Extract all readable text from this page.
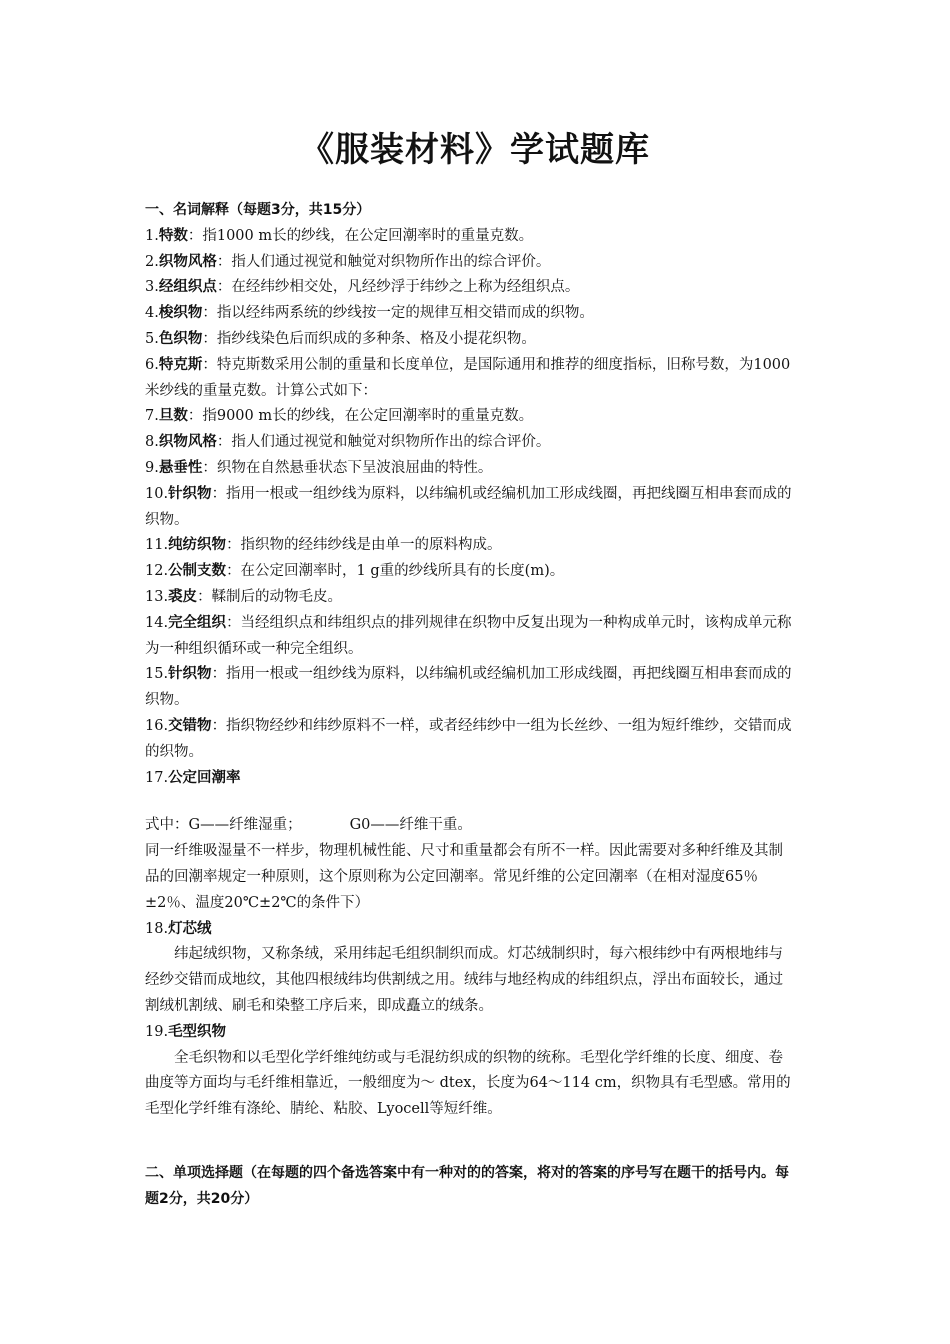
《服装材料》学试题库

一、名词解释（每题3分，共15分）

1.特数：指1000 m长的纱线，在公定回潮率时的重量克数。

2.织物风格：指人们通过视觉和触觉对织物所作出的综合评价。

3.经组织点：在经纬纱相交处，凡经纱浮于纬纱之上称为经组织点。

4.梭织物：指以经纬两系统的纱线按一定的规律互相交错而成的织物。

5.色织物：指纱线染色后而织成的多种条、格及小提花织物。

6.特克斯：特克斯数采用公制的重量和长度单位，是国际通用和推荐的细度指标，旧称号数，为1000米纱线的重量克数。计算公式如下：

7.旦数：指9000 m长的纱线，在公定回潮率时的重量克数。

8.织物风格：指人们通过视觉和触觉对织物所作出的综合评价。

9.悬垂性：织物在自然悬垂状态下呈波浪屈曲的特性。

10.针织物：指用一根或一组纱线为原料，以纬编机或经编机加工形成线圈，再把线圈互相串套而成的织物。

11.纯纺织物：指织物的经纬纱线是由单一的原料构成。

12.公制支数：在公定回潮率时，1 g重的纱线所具有的长度(m)。

13.裘皮：鞣制后的动物毛皮。

14.完全组织：当经组织点和纬组织点的排列规律在织物中反复出现为一种构成单元时，该构成单元称为一种组织循环或一种完全组织。

15.针织物：指用一根或一组纱线为原料，以纬编机或经编机加工形成线圈，再把线圈互相串套而成的织物。

16.交错物：指织物经纱和纬纱原料不一样，或者经纬纱中一组为长丝纱、一组为短纤维纱，交错而成的织物。

17.公定回潮率

式中：G——纤维湿重；	G0——纤维干重。

同一纤维吸湿量不一样步，物理机械性能、尺寸和重量都会有所不一样。因此需要对多种纤维及其制品的回潮率规定一种原则，这个原则称为公定回潮率。常见纤维的公定回潮率（在相对湿度65％±2％、温度20℃±2℃的条件下）

18.灯芯绒

纬起绒织物，又称条绒，采用纬起毛组织制织而成。灯芯绒制织时，每六根纬纱中有两根地纬与经纱交错而成地纹，其他四根绒纬均供割绒之用。绒纬与地经构成的纬组织点，浮出布面较长，通过割绒机割绒、刷毛和染整工序后来，即成矗立的绒条。

19.毛型织物

全毛织物和以毛型化学纤维纯纺或与毛混纺织成的织物的统称。毛型化学纤维的长度、细度、卷曲度等方面均与毛纤维相靠近，一般细度为～ dtex，长度为64～114 cm，织物具有毛型感。常用的毛型化学纤维有涤纶、腈纶、粘胶、Lyocell等短纤维。

二、单项选择题（在每题的四个备选答案中有一种对的的答案，将对的答案的序号写在题干的括号内。每题2分，共20分）
